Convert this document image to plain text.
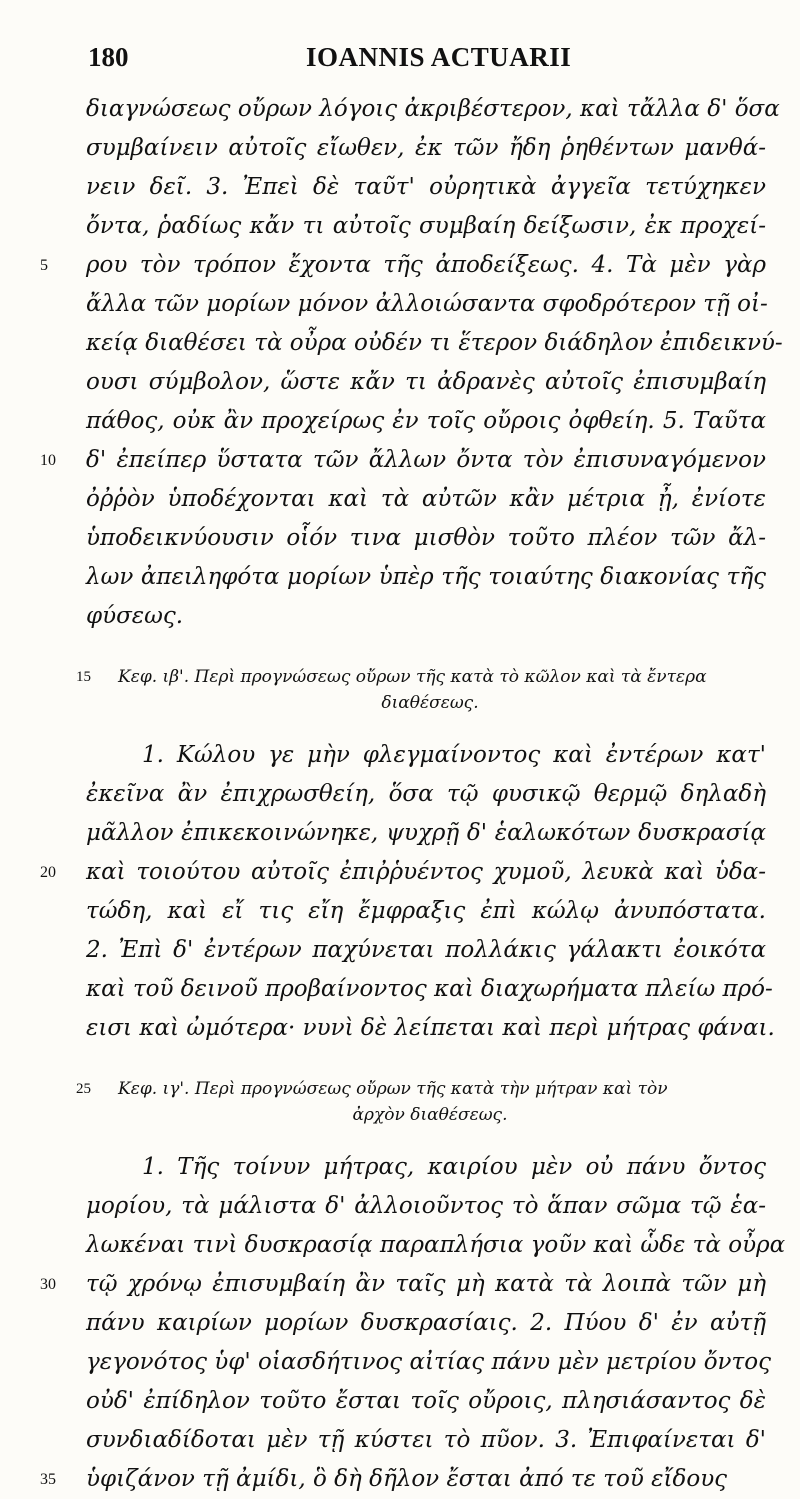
180	IOANNIS ACTUARII
διαγνώσεως οὔρων λόγοις ἀκριβέστερον, καὶ τἄλλα δ' ὅσα
συμβαίνειν αὐτοῖς εἴωθεν, ἐκ τῶν ἤδη ῥηθέντων μανθά-
νειν δεῖ. 3. Ἐπεὶ δὲ ταῦτ' οὐρητικὰ ἀγγεῖα τετύχηκεν
ὄντα, ῥαδίως κἄν τι αὐτοῖς συμβαίη δείξωσιν, ἐκ προχεί-
5 ρου τὸν τρόπον ἔχοντα τῆς ἀποδείξεως. 4. Τὰ μὲν γὰρ
ἄλλα τῶν μορίων μόνον ἀλλοιώσαντα σφοδρότερον τῇ οἰ-
κείᾳ διαθέσει τὰ οὖρα οὐδέν τι ἕτερον διάδηλον ἐπιδεικνύ-
ουσι σύμβολον, ὥστε κἄν τι ἀδρανὲς αὐτοῖς ἐπισυμβαίη
πάθος, οὐκ ἂν προχείρως ἐν τοῖς οὔροις ὀφθείη. 5. Ταῦτα
10 δ' ἐπείπερ ὕστατα τῶν ἄλλων ὄντα τὸν ἐπισυναγόμενον
ὀῤῥὸν ὑποδέχονται καὶ τὰ αὐτῶν κἂν μέτρια ᾖ, ἐνίοτε
ὑποδεικνύουσιν οἷόν τινα μισθὸν τοῦτο πλέον τῶν ἄλ-
λων ἀπειληφότα μορίων ὑπὲρ τῆς τοιαύτης διακονίας τῆς
φύσεως.
15 Κεφ. ιβ'. Περὶ προγνώσεως οὔρων τῆς κατὰ τὸ κῶλον καὶ τὰ ἔντερα
διαθέσεως.
1. Κώλου γε μὴν φλεγμαίνοντος καὶ ἐντέρων κατ'
ἐκεῖνα ἂν ἐπιχρωσθείη, ὅσα τῷ φυσικῷ θερμῷ δηλαδὴ
μᾶλλον ἐπικεκοινώνηκε, ψυχρῇ δ' ἑαλωκότων δυσκρασίᾳ
20 καὶ τοιούτου αὐτοῖς ἐπιῤῥυέντος χυμοῦ, λευκὰ καὶ ὑδα-
τώδη, καὶ εἴ τις εἴη ἔμφραξις ἐπὶ κώλῳ ἀνυπόστατα.
2. Ἐπὶ δ' ἐντέρων παχύνεται πολλάκις γάλακτι ἐοικότα
καὶ τοῦ δεινοῦ προβαίνοντος καὶ διαχωρήματα πλείω πρό-
εισι καὶ ὠμότερα· νυνὶ δὲ λείπεται καὶ περὶ μήτρας φάναι.
25 Κεφ. ιγ'. Περὶ προγνώσεως οὔρων τῆς κατὰ τὴν μήτραν καὶ τὸν
ἀρχὸν διαθέσεως.
1. Τῆς τοίνυν μήτρας, καιρίου μὲν οὐ πάνυ ὄντος
μορίου, τὰ μάλιστα δ' ἀλλοιοῦντος τὸ ἅπαν σῶμα τῷ ἑα-
λωκέναι τινὶ δυσκρασίᾳ παραπλήσια γοῦν καὶ ὧδε τὰ οὖρα
30 τῷ χρόνῳ ἐπισυμβαίη ἂν ταῖς μὴ κατὰ τὰ λοιπὰ τῶν μὴ
πάνυ καιρίων μορίων δυσκρασίαις. 2. Πύου δ' ἐν αὐτῇ
γεγονότος ὑφ' οἱασδήτινος αἰτίας πάνυ μὲν μετρίου ὄντος
οὐδ' ἐπίδηλον τοῦτο ἔσται τοῖς οὔροις, πλησιάσαντος δὲ
συνδιαδίδοται μὲν τῇ κύστει τὸ πῦον. 3. Ἐπιφαίνεται δ'
35 ὑφιζάνον τῇ ἀμίδι, ὃ δὴ δῆλον ἔσται ἀπό τε τοῦ εἴδους
